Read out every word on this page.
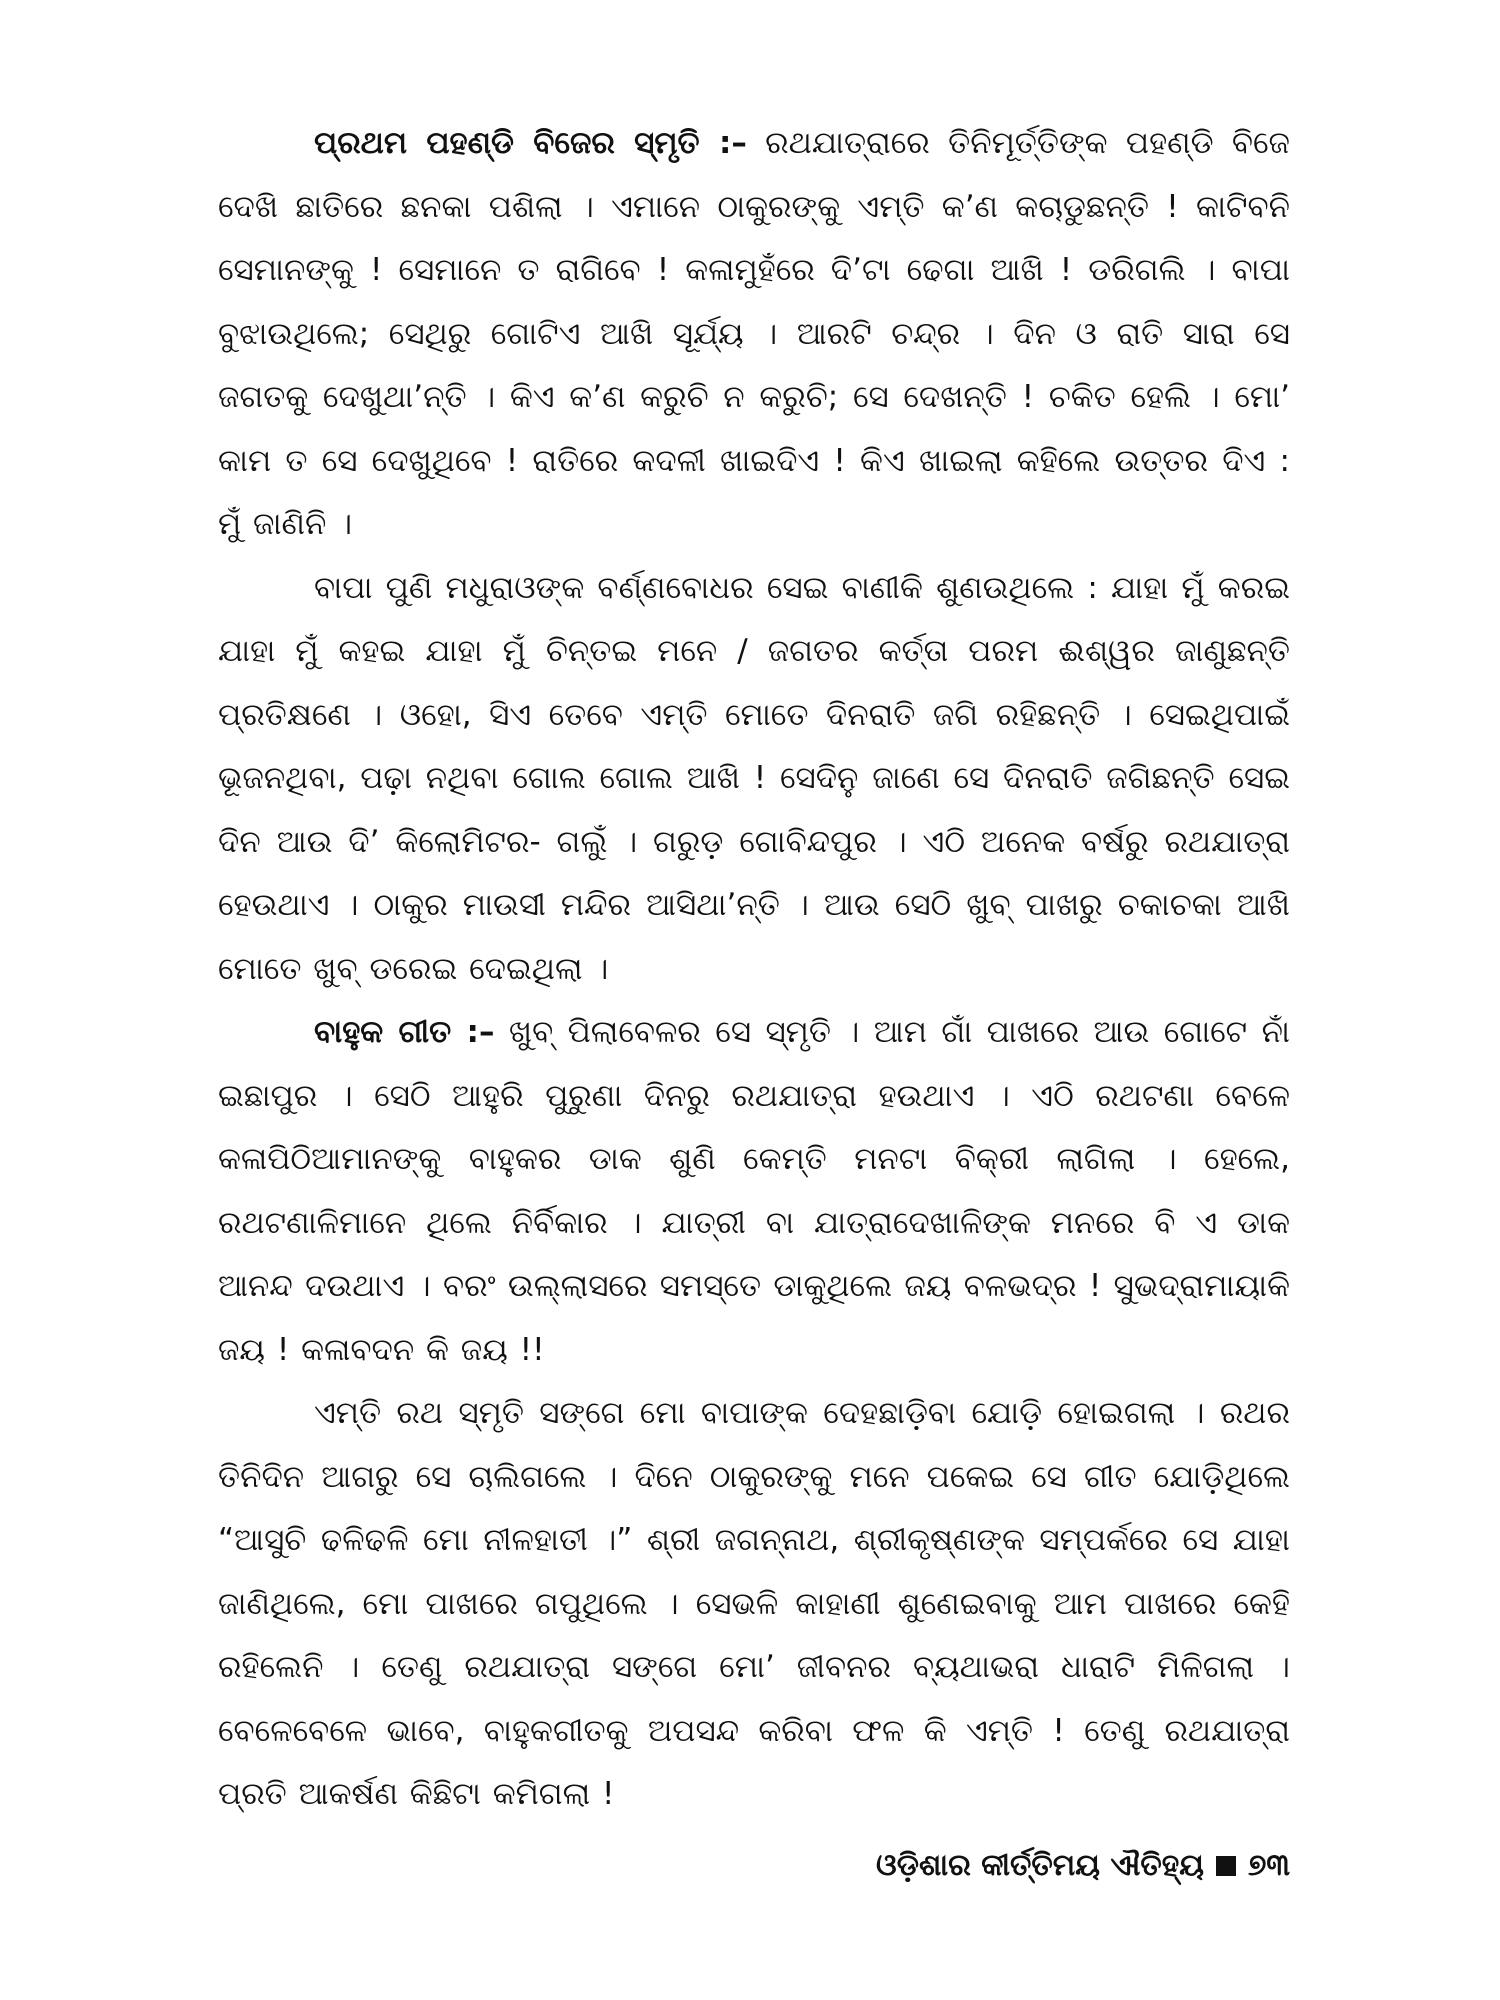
ପ୍ରଥମ ପହଣ୍ଡି ବିଜେର ସ୍ମୃତି :– ରଥଯାତ୍ରାରେ ତିନିମୂର୍ତ୍ତିଙ୍କ ପହଣ୍ଡି ବିଜେ ଦେଖି ଛାତିରେ ଛନକା ପଶିଲା । ଏମାନେ ଠାକୁରଙ୍କୁ ଏମ୍ତି କ’ଣ କଚାଡୁଛନ୍ତି ! କାଟିବନି ସେମାନଙ୍କୁ ! ସେମାନେ ତ ରାଗିବେ ! କଳାମୁହଁରେ ଦି’ଟା ଢେଗା ଆଖି ! ଡରିଗଲି । ବାପା ବୁଝାଉଥିଲେ; ସେଥିରୁ ଗୋଟିଏ ଆଖି ସୂର୍ଯ୍ୟ । ଆରଟି ଚନ୍ଦ୍ର । ଦିନ ଓ ରାତି ସାରା ସେ ଜଗତକୁ ଦେଖୁଥା’ନ୍ତି । କିଏ କ’ଣ କରୁଚି ନ କରୁଚି; ସେ ଦେଖନ୍ତି ! ଚକିତ ହେଲି । ମୋ’ କାମ ତ ସେ ଦେଖୁଥିବେ ! ରାତିରେ କଦଳୀ ଖାଇଦିଏ ! କିଏ ଖାଇଲା କହିଲେ ଉତ୍ତର ଦିଏ : ମୁଁ ଜାଣିନି ।

ବାପା ପୁଣି ମଧୁରାଓଙ୍କ ବର୍ଣ୍ଣବୋଧର ସେଇ ବାଣୀକି ଶୁଣଉଥିଲେ : ଯାହା ମୁଁ କରଇ ଯାହା ମୁଁ କହଇ ଯାହା ମୁଁ ଚିନ୍ତଇ ମନେ / ଜଗତର କର୍ତ୍ତା ପରମ ଈଶ୍ୱର ଜାଣୁଛନ୍ତି ପ୍ରତିକ୍ଷଣେ । ଓହୋ, ସିଏ ତେବେ ଏମ୍ତି ମୋତେ ଦିନରାତି ଜଗି ରହିଛନ୍ତି । ସେଇଥିପାଇଁ ଭୂଜନଥିବା, ପଢ଼ା ନଥିବା ଗୋଲ ଗୋଲ ଆଖି ! ସେଦିନୁ ଜାଣେ ସେ ଦିନରାତି ଜଗିଛନ୍ତି ସେଇ ଦିନ ଆଉ ଦି’ କିଲୋମିଟର- ଗଲୁଁ । ଗରୁଡ଼ ଗୋବିନ୍ଦପୁର । ଏଠି ଅନେକ ବର୍ଷରୁ ରଥଯାତ୍ରା ହେଉଥାଏ । ଠାକୁର ମାଉସୀ ମନ୍ଦିର ଆସିଥା’ନ୍ତି । ଆଉ ସେଠି ଖୁବ୍ ପାଖରୁ ଚକାଚକା ଆଖି ମୋତେ ଖୁବ୍ ଡରେଇ ଦେଇଥିଲା ।

ବାହୁକ ଗୀତ :– ଖୁବ୍ ପିଲାବେଳର ସେ ସ୍ମୃତି । ଆମ ଗାଁ ପାଖରେ ଆଉ ଗୋଟେ ନାଁ ଇଛାପୁର । ସେଠି ଆହୁରି ପୁରୁଣା ଦିନରୁ ରଥଯାତ୍ରା ହଉଥାଏ । ଏଠି ରଥଟଣା ବେଳେ କଳାପିଠିଆମାନଙ୍କୁ ବାହୁକର ଡାକ ଶୁଣି କେମ୍ତି ମନଟା ବିକ୍ରୀ ଲାଗିଲା । ହେଲେ, ରଥଟଣାଳିମାନେ ଥିଲେ ନିର୍ବିକାର । ଯାତ୍ରୀ ବା ଯାତ୍ରାଦେଖାଳିଙ୍କ ମନରେ ବି ଏ ଡାକ ଆନନ୍ଦ ଦଉଥାଏ । ବରଂ ଉଲ୍ଲାସରେ ସମସ୍ତେ ଡାକୁଥିଲେ ଜୟ ବଳଭଦ୍ର ! ସୁଭଦ୍ରାମାୟାକି ଜୟ ! କଳାବଦନ କି ଜୟ !!

ଏମ୍ତି ରଥ ସ୍ମୃତି ସଙ୍ଗେ ମୋ ବାପାଙ୍କ ଦେହଛାଡ଼ିବା ଯୋଡ଼ି ହୋଇଗଲା । ରଥର ତିନିଦିନ ଆଗରୁ ସେ ଚାଲିଗଲେ । ଦିନେ ଠାକୁରଙ୍କୁ ମନେ ପକେଇ ସେ ଗୀତ ଯୋଡ଼ିଥିଲେ “ଆସୁଚି ଢଳିଢଳି ମୋ ନୀଳହାତୀ ।” ଶ୍ରୀ ଜଗନ୍ନାଥ, ଶ୍ରୀକୃଷ୍ଣଙ୍କ ସମ୍ପର୍କରେ ସେ ଯାହା ଜାଣିଥିଲେ, ମୋ ପାଖରେ ଗପୁଥିଲେ । ସେଭଳି କାହାଣୀ ଶୁଣେଇବାକୁ ଆମ ପାଖରେ କେହି ରହିଲେନି । ତେଣୁ ରଥଯାତ୍ରା ସଙ୍ଗେ ମୋ’ ଜୀବନର ବ୍ୟଥାଭରା ଧାରାଟି ମିଳିଗଲା । ବେଳେବେଳେ ଭାବେ, ବାହୁକଗୀତକୁ ଅପସନ୍ଦ କରିବା ଫଳ କି ଏମ୍ତି ! ତେଣୁ ରଥଯାତ୍ରା ପ୍ରତି ଆକର୍ଷଣ କିଛିଟା କମିଗଲା !

ଓଡ଼ିଶାର କୀର୍ତ୍ତିମୟ ଐତିହ୍ୟ ୭୩
